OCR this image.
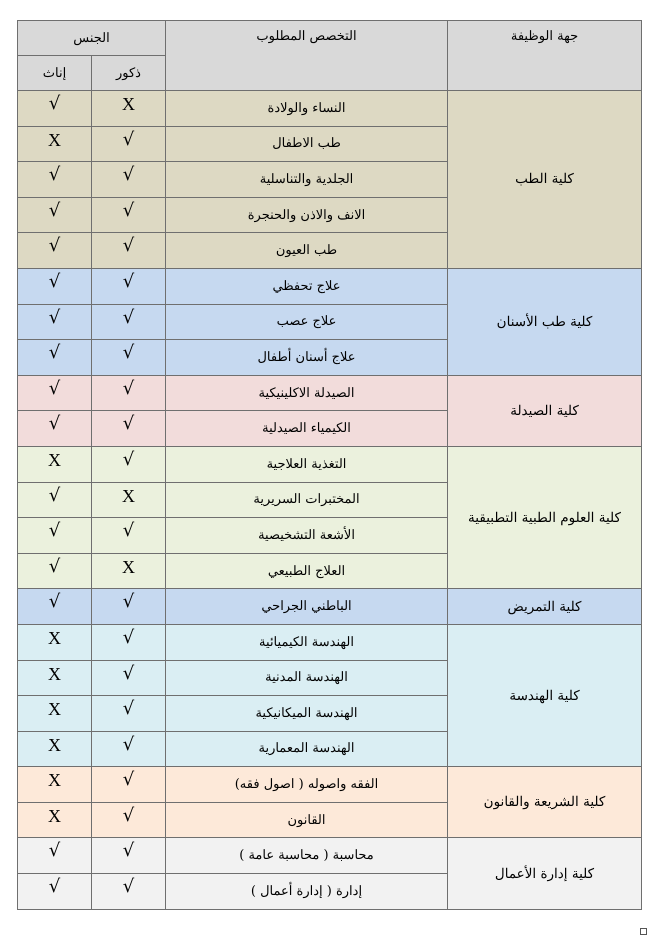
جهة الوظيفة	التخصص المطلوب	الجنس	
		ذكور	إناث
كلية الطب	النساء والولادة	X	√
	طب الاطفال	√	X
	الجلدية والتناسلية	√	√
	الانف والاذن والحنجرة	√	√
	طب العيون	√	√
كلية طب الأسنان	علاج تحفظي	√	√
	علاج عصب	√	√
	علاج أسنان أطفال	√	√
كلية الصيدلة	الصيدلة الاكلينيكية	√	√
	الكيمياء الصيدلية	√	√
كلية العلوم الطبية التطبيقية	التغذية العلاجية	√	X
	المختبرات السريرية	X	√
	الأشعة التشخيصية	√	√
	العلاج الطبيعي	X	√
كلية التمريض	الباطني الجراحي	√	√
كلية الهندسة	الهندسة الكيميائية	√	X
	الهندسة المدنية	√	X
	الهندسة الميكانيكية	√	X
	الهندسة المعمارية	√	X
كلية الشريعة والقانون	الفقه واصوله ( اصول فقه)	√	X
	القانون	√	X
كلية إدارة الأعمال	محاسبة ( محاسبة عامة )	√	√
	إدارة ( إدارة أعمال )	√	√
